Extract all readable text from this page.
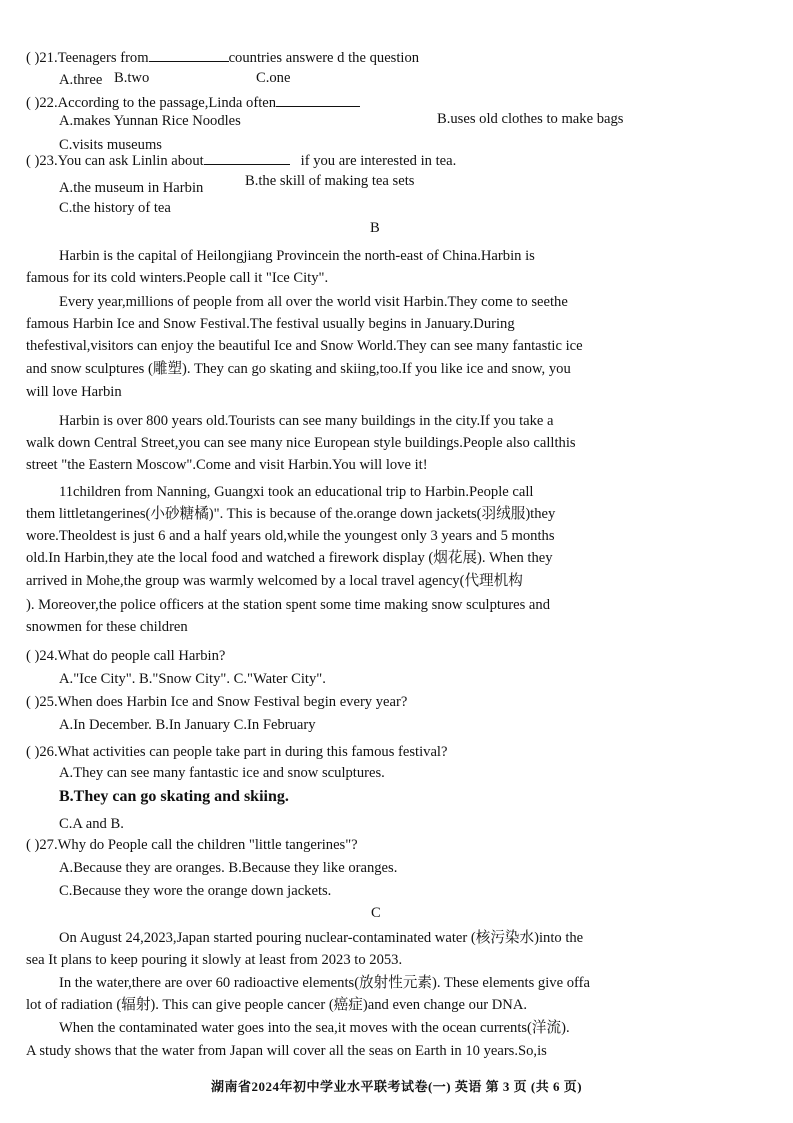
( )21.Teenagers from	countries answere d the question
A.three B.two	C.one
( )22.According to the passage,Linda often
A.makes Yunnan Rice Noodles	B.uses old clothes to make bags
C.visits museums
( )23.You can ask Linlin about	if you are interested in tea.
A.the museum in Harbin	B.the skill of making tea sets
C.the history of tea
B
Harbin is the capital of Heilongjiang Provincein the north-east of China.Harbin is
famous for its cold winters.People call it "Ice City".
Every year,millions of people from all over the world visit Harbin.They come to seethe
famous Harbin Ice and Snow Festival.The festival usually begins in January.During
thefestival,visitors can enjoy the beautiful Ice and Snow World.They can see many fantastic ice
and snow sculptures (雕塑). They can go skating and skiing,too.If you like ice and snow, you
will love Harbin
Harbin is over 800 years old.Tourists can see many buildings in the city.If you take a
walk down Central Street,you can see many nice European style buildings.People also callthis
street "the Eastern Moscow".Come and visit Harbin.You will love it!
11children from Nanning, Guangxi took an educational trip to Harbin.People call
them littletangerines(小砂糖橘)". This is because of the.orange down jackets(羽绒服)they
wore.Theoldest is just 6 and a half years old,while the youngest only 3 years and 5 months
old.In Harbin,they ate the local food and watched a firework display (烟花展). When they
arrived in Mohe,the group was warmly welcomed by a local travel agency(代理机构
). Moreover,the police officers at the station spent some time making snow sculptures and
snowmen for these children
( )24.What do people call Harbin?
A."Ice City". B."Snow City". C."Water City".
( )25.When does Harbin Ice and Snow Festival begin every year?
A.In December. B.In January C.In February
( )26.What activities can people take part in during this famous festival?
A.They can see many fantastic ice and snow sculptures.
B.They can go skating and skiing.
C.A and B.
( )27.Why do People call the children "little tangerines"?
A.Because they are oranges. B.Because they like oranges.
C.Because they wore the orange down jackets.
C
On August 24,2023,Japan started pouring nuclear-contaminated water (核污染水)into the
sea It plans to keep pouring it slowly at least from 2023 to 2053.
In the water,there are over 60 radioactive elements(放射性元素). These elements give offa
lot of radiation (辐射). This can give people cancer (癌症)and even change our DNA.
When the contaminated water goes into the sea,it moves with the ocean currents(洋流).
A study shows that the water from Japan will cover all the seas on Earth in 10 years.So,is
湖南省2024年初中学业水平联考试卷(一) 英语 第 3 页 (共 6 页)
